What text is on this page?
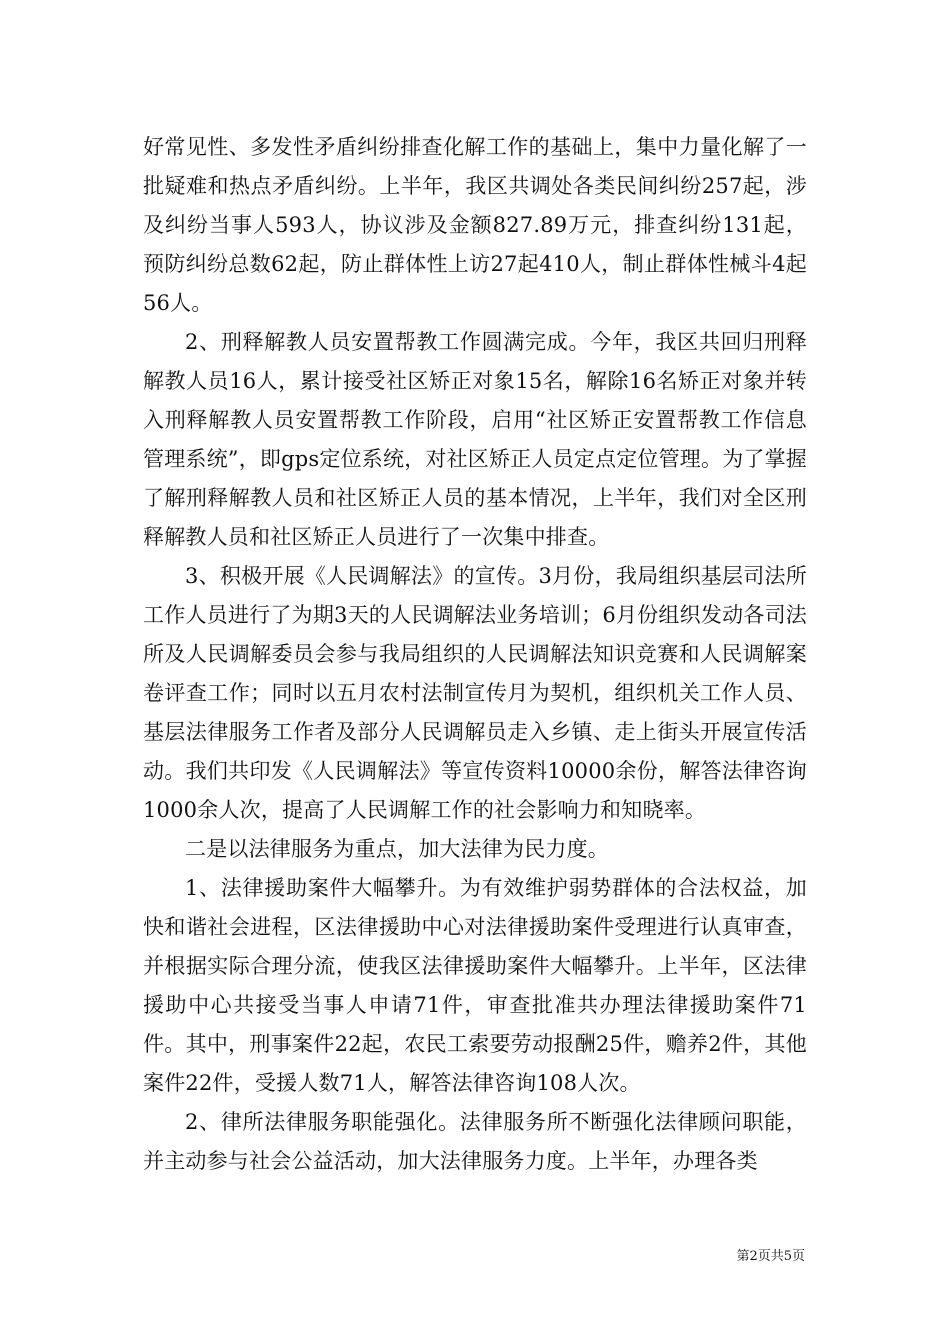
好常见性、多发性矛盾纠纷排查化解工作的基础上，集中力量化解了一批疑难和热点矛盾纠纷。上半年，我区共调处各类民间纠纷257起，涉及纠纷当事人593人，协议涉及金额827.89万元，排查纠纷131起，预防纠纷总数62起，防止群体性上访27起410人，制止群体性械斗4起56人。

2、刑释解教人员安置帮教工作圆满完成。今年，我区共回归刑释解教人员16人，累计接受社区矫正对象15名，解除16名矫正对象并转入刑释解教人员安置帮教工作阶段，启用“社区矫正安置帮教工作信息管理系统”，即gps定位系统，对社区矫正人员定点定位管理。为了掌握了解刑释解教人员和社区矫正人员的基本情况，上半年，我们对全区刑释解教人员和社区矫正人员进行了一次集中排查。

3、积极开展《人民调解法》的宣传。3月份，我局组织基层司法所工作人员进行了为期3天的人民调解法业务培训；6月份组织发动各司法所及人民调解委员会参与我局组织的人民调解法知识竞赛和人民调解案卷评查工作；同时以五月农村法制宣传月为契机，组织机关工作人员、基层法律服务工作者及部分人民调解员走入乡镇、走上街头开展宣传活动。我们共印发《人民调解法》等宣传资料10000余份，解答法律咨询1000余人次，提高了人民调解工作的社会影响力和知晓率。

二是以法律服务为重点，加大法律为民力度。

1、法律援助案件大幅攀升。为有效维护弱势群体的合法权益，加快和谐社会进程，区法律援助中心对法律援助案件受理进行认真审查，并根据实际合理分流，使我区法律援助案件大幅攀升。上半年，区法律援助中心共接受当事人申请71件，审查批准共办理法律援助案件71件。其中，刑事案件22起，农民工索要劳动报酬25件，赡养2件，其他案件22件，受援人数71人，解答法律咨询108人次。

2、律所法律服务职能强化。法律服务所不断强化法律顾问职能，并主动参与社会公益活动，加大法律服务力度。上半年，办理各类

第2页共5页
